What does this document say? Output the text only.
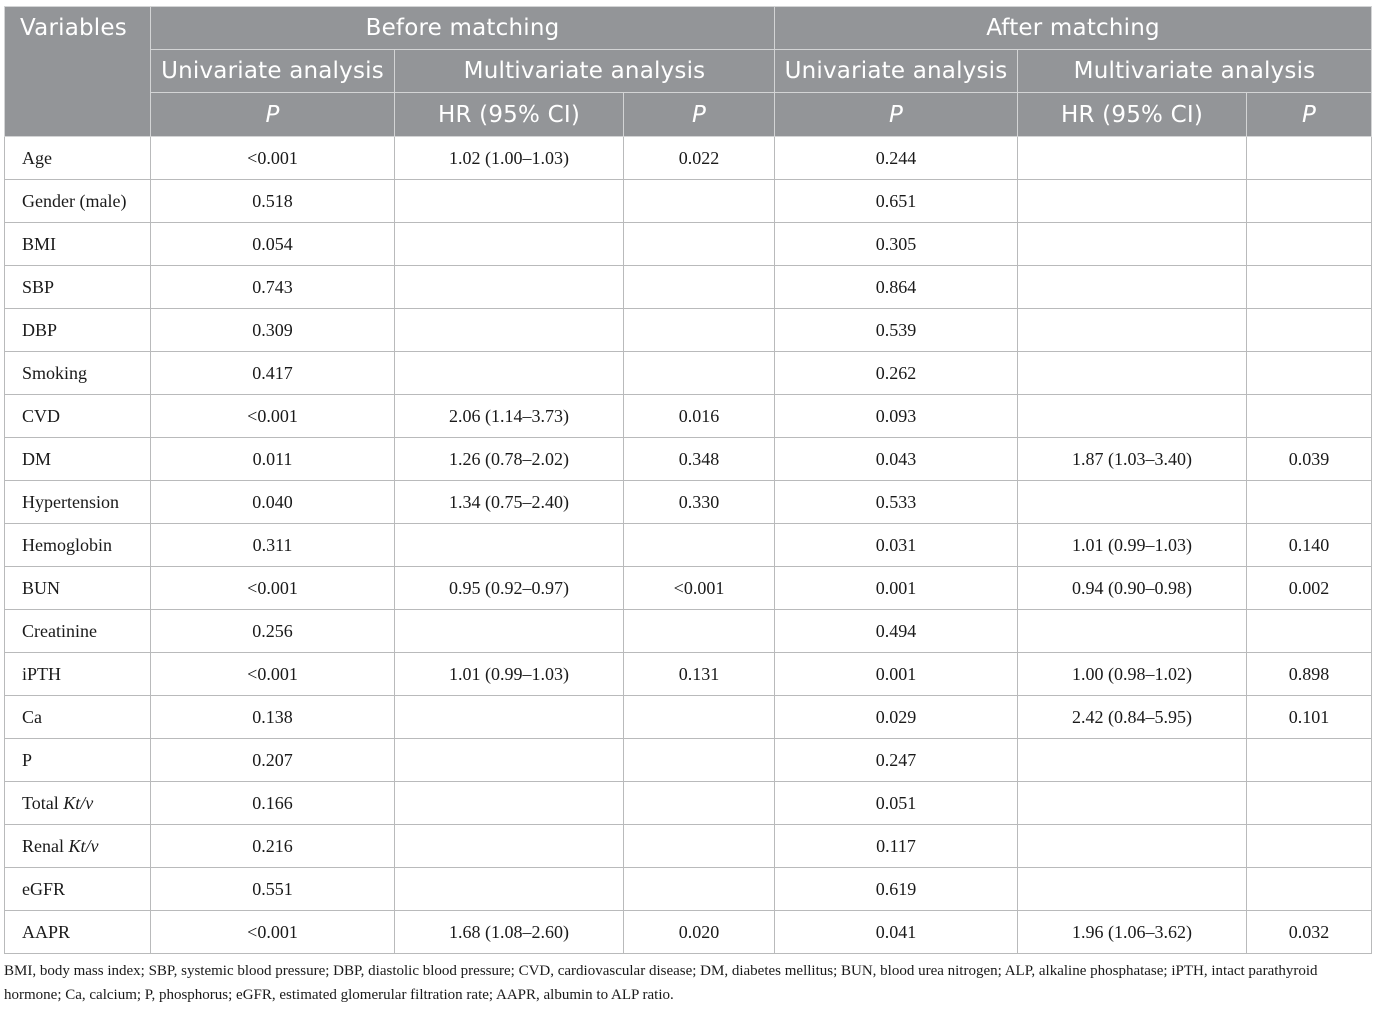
Variables	Before matching			After matching		
	Univariate analysis	Multivariate analysis		Univariate analysis	Multivariate analysis	
	P	HR (95% CI)	P	P	HR (95% CI)	P
Age	<0.001	1.02 (1.00–1.03)	0.022	0.244		
Gender (male)	0.518			0.651		
BMI	0.054			0.305		
SBP	0.743			0.864		
DBP	0.309			0.539		
Smoking	0.417			0.262		
CVD	<0.001	2.06 (1.14–3.73)	0.016	0.093		
DM	0.011	1.26 (0.78–2.02)	0.348	0.043	1.87 (1.03–3.40)	0.039
Hypertension	0.040	1.34 (0.75–2.40)	0.330	0.533		
Hemoglobin	0.311			0.031	1.01 (0.99–1.03)	0.140
BUN	<0.001	0.95 (0.92–0.97)	<0.001	0.001	0.94 (0.90–0.98)	0.002
Creatinine	0.256			0.494		
iPTH	<0.001	1.01 (0.99–1.03)	0.131	0.001	1.00 (0.98–1.02)	0.898
Ca	0.138			0.029	2.42 (0.84–5.95)	0.101
P	0.207			0.247		
Total Kt/v	0.166			0.051		
Renal Kt/v	0.216			0.117		
eGFR	0.551			0.619		
AAPR	<0.001	1.68 (1.08–2.60)	0.020	0.041	1.96 (1.06–3.62)	0.032
BMI, body mass index; SBP, systemic blood pressure; DBP, diastolic blood pressure; CVD, cardiovascular disease; DM, diabetes mellitus; BUN, blood urea nitrogen; ALP, alkaline phosphatase; iPTH, intact parathyroid hormone; Ca, calcium; P, phosphorus; eGFR, estimated glomerular filtration rate; AAPR, albumin to ALP ratio.
